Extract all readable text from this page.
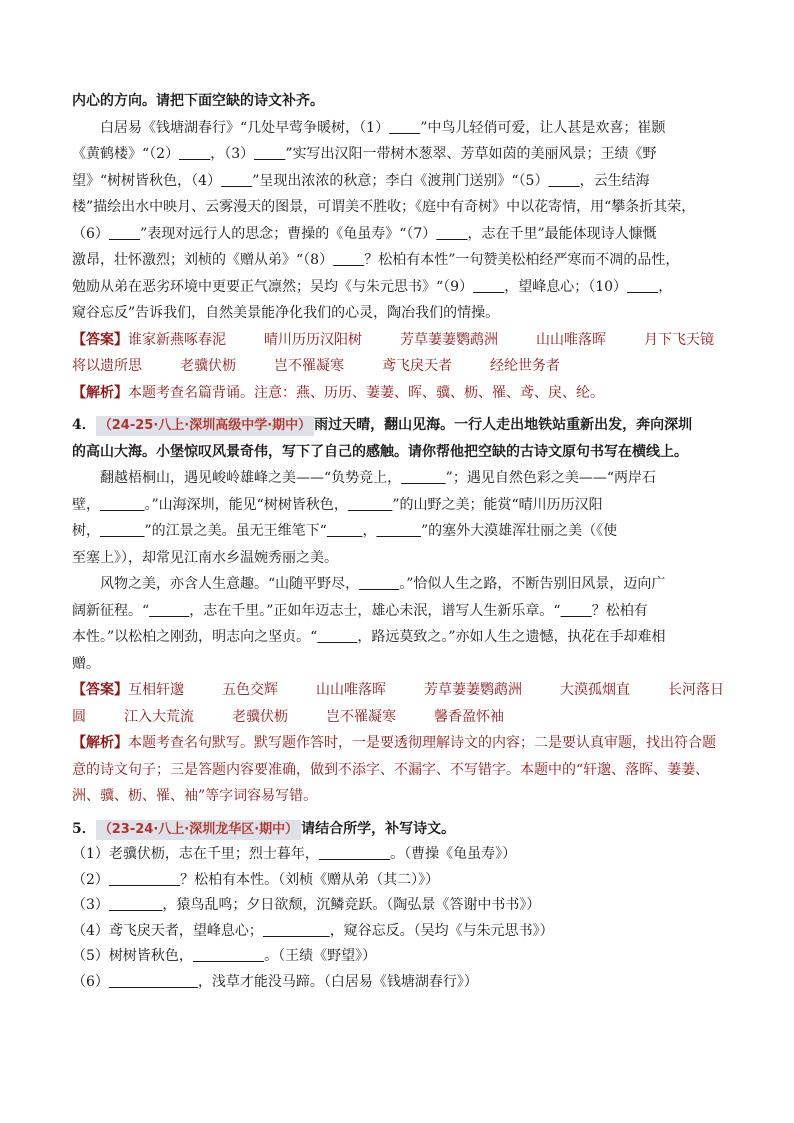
内心的方向。请把下面空缺的诗文补齐。

白居易《钱塘湖春行》“几处早莺争暖树，（1） ”中鸟儿轻俏可爱，让人甚是欢喜；崔颢

《黄鹤楼》“（2） ，（3） ”实写出汉阳一带树木葱翠、芳草如茵的美丽风景；王绩《野

望》“树树皆秋色，（4） ”呈现出浓浓的秋意；李白《渡荆门送别》“（5） ，云生结海

楼”描绘出水中映月、云雾漫天的图景，可谓美不胜收；《庭中有奇树》中以花寄情，用“攀条折其荣，

（6） ”表现对远行人的思念；曹操的《龟虽寿》“（7） ，志在千里”最能体现诗人慷慨

激昂，壮怀激烈；刘桢的《赠从弟》“（8） ？松柏有本性”一句赞美松柏经严寒而不凋的品性，

勉励从弟在恶劣环境中更要正气凛然；吴均《与朱元思书》“（9） ，望峰息心；（10） ，

窥谷忘反”告诉我们，自然美景能净化我们的心灵，陶冶我们的情操。

【答案】谁家新燕啄春泥	晴川历历汉阳树	芳草萋萋鹦鹉洲	山山唯落晖	月下飞天镜
将以遗所思	老骥伏枥	岂不罹凝寒	鸢飞戾天者	经纶世务者

【解析】本题考查名篇背诵。注意：燕、历历、萋萋、晖、骥、枥、罹、鸢、戾、纶。

4． （24-25·八上·深圳高级中学·期中） 雨过天晴，翻山见海。一行人走出地铁站重新出发，奔向深圳

的高山大海。小堡惊叹风景奇伟，写下了自己的感触。请你帮他把空缺的古诗文原句书写在横线上。

翻越梧桐山，遇见峻岭雄峰之美——“负势竞上，	”；遇见自然色彩之美——“两岸石

壁，	。”山海深圳，能见“树树皆秋色，	”的山野之美；能赏“晴川历历汉阳

树，	”的江景之美。虽无王维笔下“	，	”的塞外大漠雄浑壮丽之美（《使

至塞上》），却常见江南水乡温婉秀丽之美。

风物之美，亦含人生意趣。“山随平野尽，	。”恰似人生之路，不断告别旧风景，迈向广

阔新征程。“	，志在千里。”正如年迈志士，雄心未泯，谱写人生新乐章。“ ？松柏有

本性。”以松柏之刚劲，明志向之坚贞。“	，路远莫致之。”亦如人生之遗憾，执花在手却难相

赠。

【答案】互相轩邈	五色交辉	山山唯落晖	芳草萋萋鹦鹉洲	大漠孤烟直	长河落日
圆	江入大荒流	老骥伏枥	岂不罹凝寒	馨香盈怀袖

【解析】本题考查名句默写。默写题作答时，一是要透彻理解诗文的内容；二是要认真审题，找出符合题

意的诗文句子；三是答题内容要准确，做到不添字、不漏字、不写错字。本题中的“轩邈、落晖、萋萋、

洲、骥、枥、罹、袖”等字词容易写错。

5． （23-24·八上·深圳龙华区·期中） 请结合所学，补写诗文。

（1）老骥伏枥，志在千里；烈士暮年，	。（曹操《龟虽寿》）

（2）	？松柏有本性。（刘桢《赠从弟（其二）》）

（3）	，猿鸟乱鸣；夕日欲颓，沉鳞竞跃。（陶弘景《答谢中书书》）

（4）鸢飞戾天者，望峰息心；	，窥谷忘反。（吴均《与朱元思书》）

（5）树树皆秋色，	。（王绩《野望》）

（6）	，浅草才能没马蹄。（白居易《钱塘湖春行》）
